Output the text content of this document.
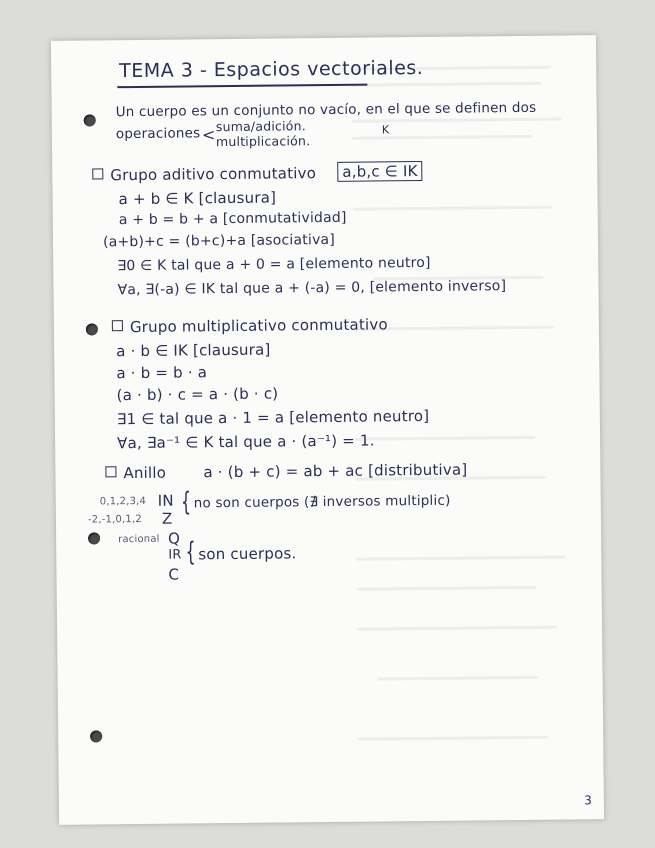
TEMA 3 - Espacios vectoriales.
Un cuerpo es un conjunto no vacío, en el que se definen dos
operaciones < suma/adición.
multiplicación.
K
Grupo aditivo conmutativo	a,b,c ∈ IK
a + b ∈ K [clausura]
a + b = b + a [conmutatividad]
(a+b)+c = (b+c)+a [asociativa]
∃0 ∈ K tal que a + 0 = a [elemento neutro]
∀a, ∃(-a) ∈ IK tal que a + (-a) = 0, [elemento inverso]
Grupo multiplicativo conmutativo
a · b ∈ IK [clausura]
a · b = b · a
(a · b) · c = a · (b · c)
∃1 ∈ tal que a · 1 = a [elemento neutro]
∀a, ∃a⁻¹ ∈ K tal que a · (a⁻¹) = 1.
Anillo a · (b + c) = ab + ac [distributiva]
0,1,2,3,4
-2,-1,0,1,2
IN
Z
{ no son cuerpos (∄ inversos multiplic)
racional Q
IR
C
{ son cuerpos.
3
